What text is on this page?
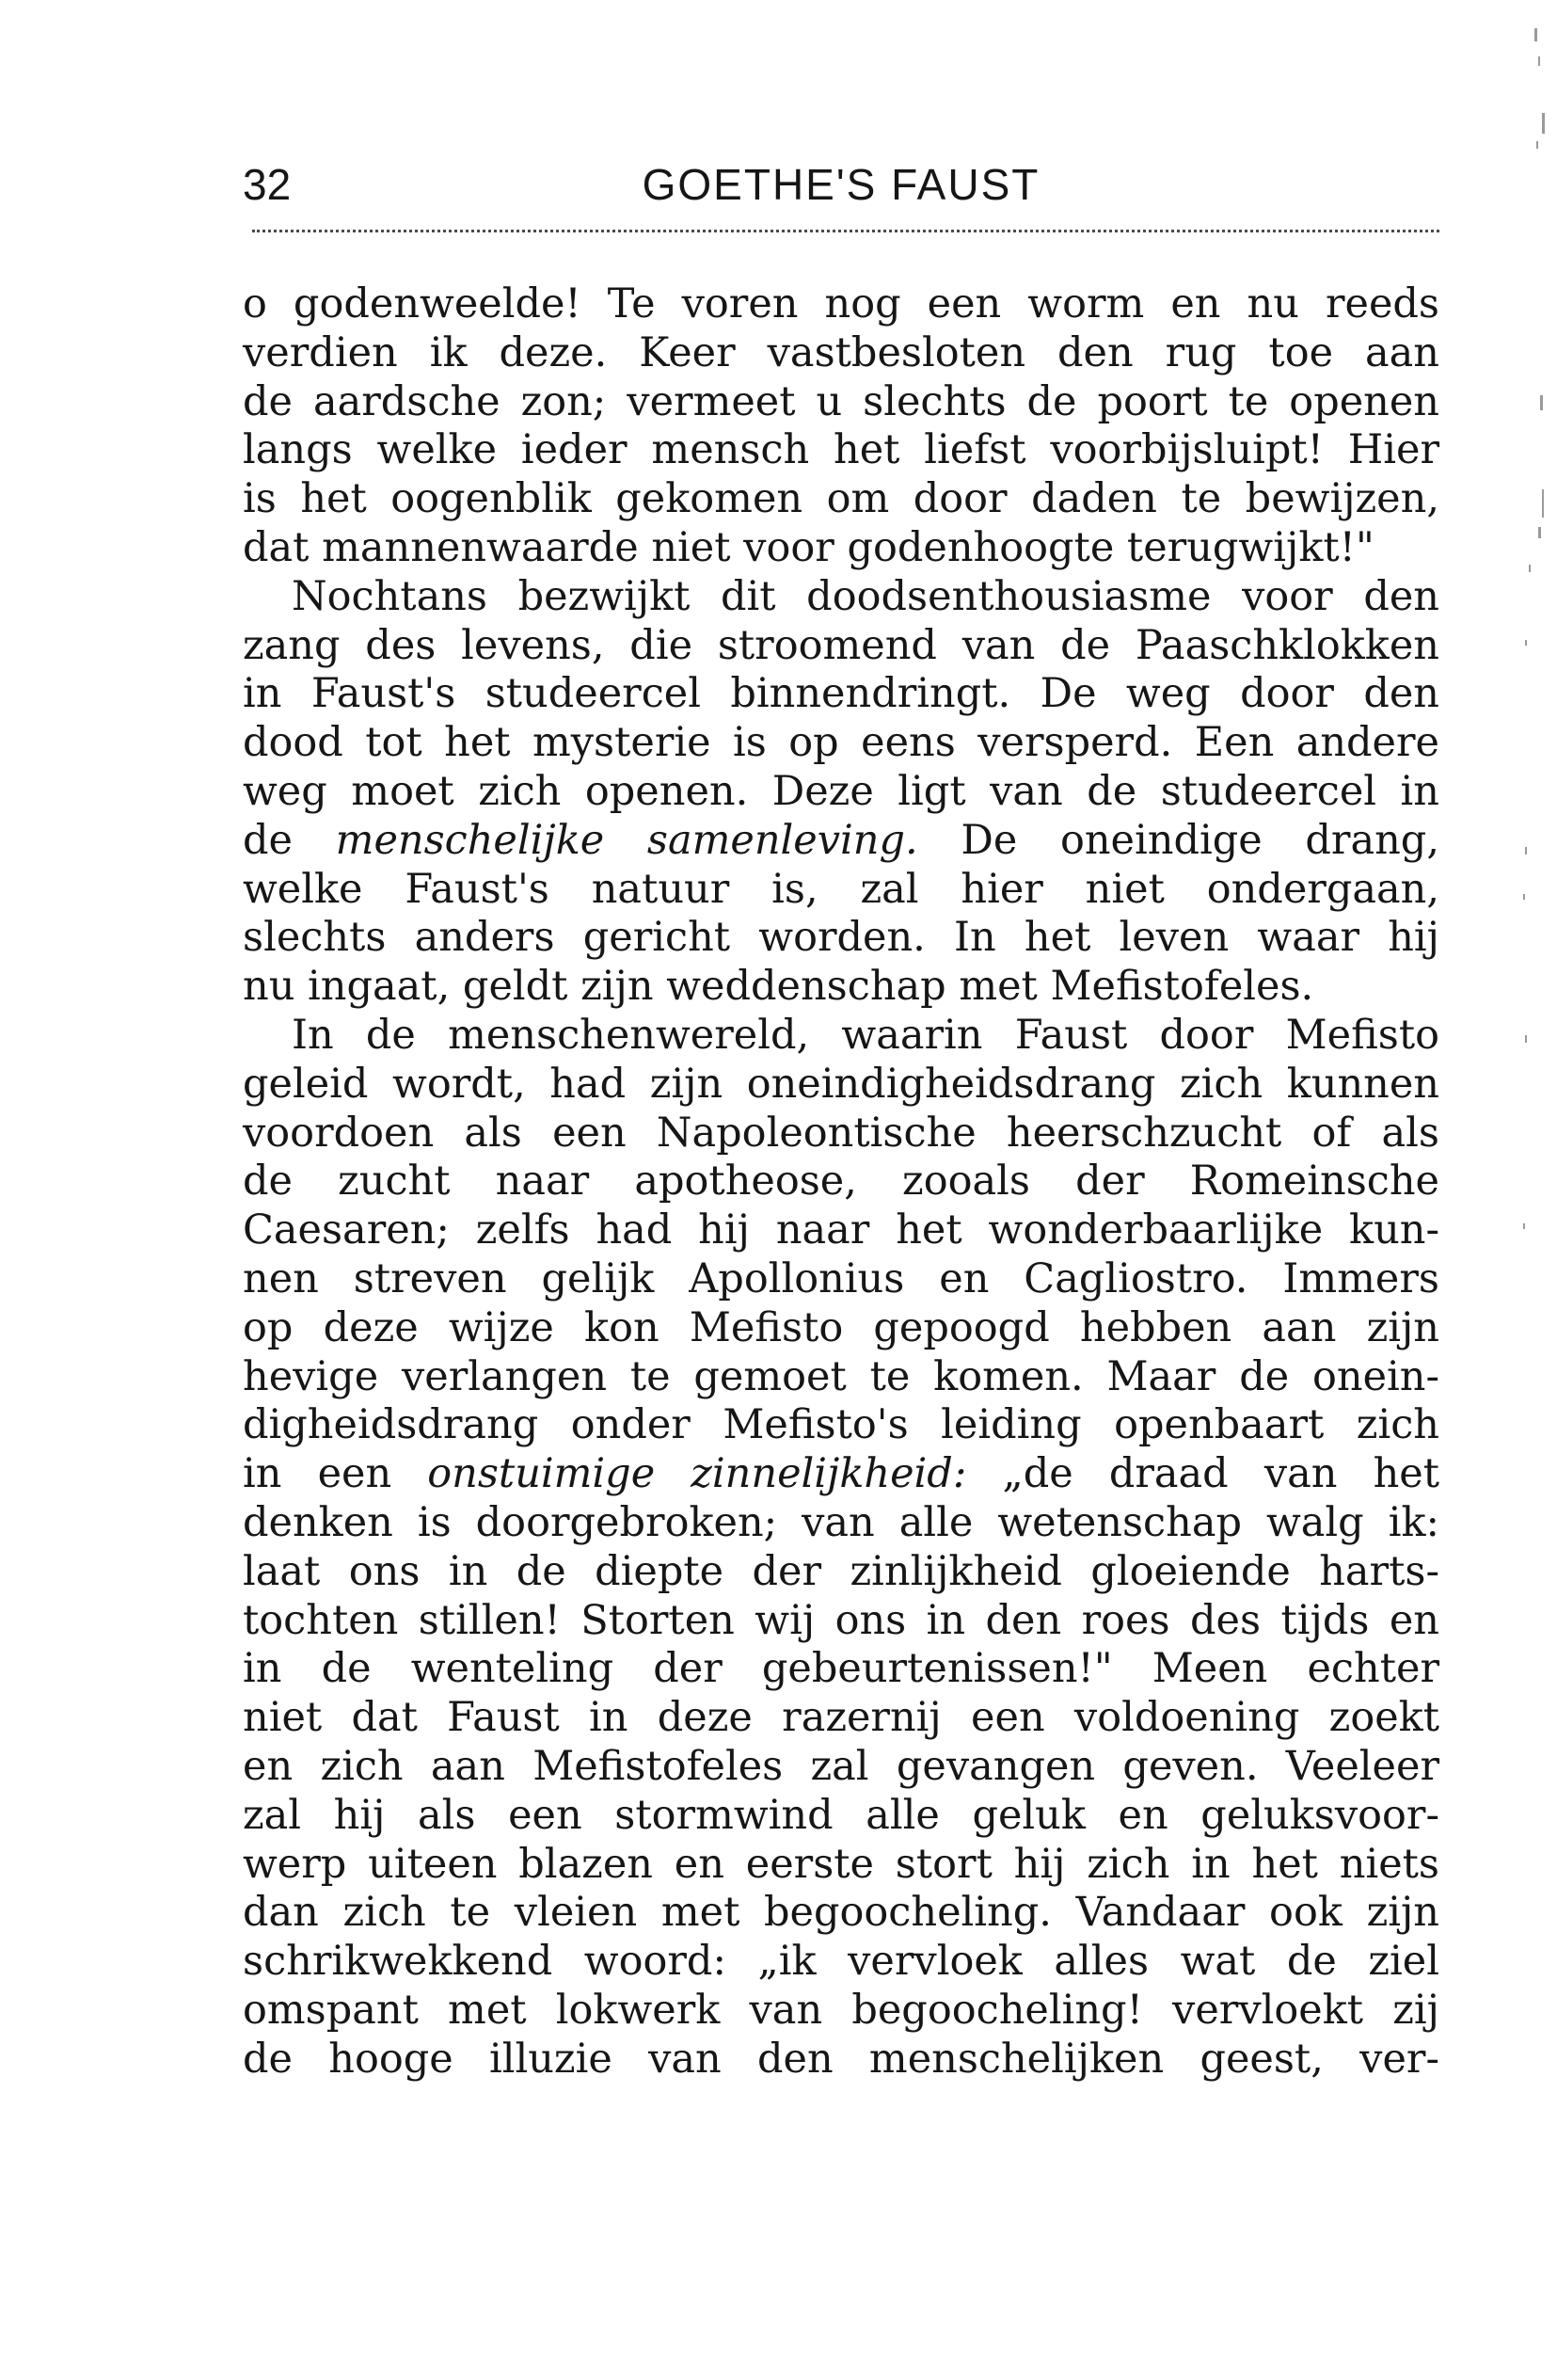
32	GOETHE'S FAUST
o godenweelde! Te voren nog een worm en nu reeds
verdien ik deze. Keer vastbesloten den rug toe aan
de aardsche zon; vermeet u slechts de poort te openen
langs welke ieder mensch het liefst voorbijsluipt! Hier
is het oogenblik gekomen om door daden te bewijzen,
dat mannenwaarde niet voor godenhoogte terugwijkt!"
Nochtans bezwijkt dit doodsenthousiasme voor den
zang des levens, die stroomend van de Paaschklokken
in Faust's studeercel binnendringt. De weg door den
dood tot het mysterie is op eens versperd. Een andere
weg moet zich openen. Deze ligt van de studeercel in
de menschelijke samenleving. De oneindige drang,
welke Faust's natuur is, zal hier niet ondergaan,
slechts anders gericht worden. In het leven waar hij
nu ingaat, geldt zijn weddenschap met Mefistofeles.
In de menschenwereld, waarin Faust door Mefisto
geleid wordt, had zijn oneindigheidsdrang zich kunnen
voordoen als een Napoleontische heerschzucht of als
de zucht naar apotheose, zooals der Romeinsche
Caesaren; zelfs had hij naar het wonderbaarlijke kun-
nen streven gelijk Apollonius en Cagliostro. Immers
op deze wijze kon Mefisto gepoogd hebben aan zijn
hevige verlangen te gemoet te komen. Maar de onein-
digheidsdrang onder Mefisto's leiding openbaart zich
in een onstuimige zinnelijkheid: „de draad van het
denken is doorgebroken; van alle wetenschap walg ik:
laat ons in de diepte der zinlijkheid gloeiende harts-
tochten stillen! Storten wij ons in den roes des tijds en
in de wenteling der gebeurtenissen!" Meen echter
niet dat Faust in deze razernij een voldoening zoekt
en zich aan Mefistofeles zal gevangen geven. Veeleer
zal hij als een stormwind alle geluk en geluksvoor-
werp uiteen blazen en eerste stort hij zich in het niets
dan zich te vleien met begoocheling. Vandaar ook zijn
schrikwekkend woord: „ik vervloek alles wat de ziel
omspant met lokwerk van begoocheling! vervloekt zij
de hooge illuzie van den menschelijken geest, ver-
